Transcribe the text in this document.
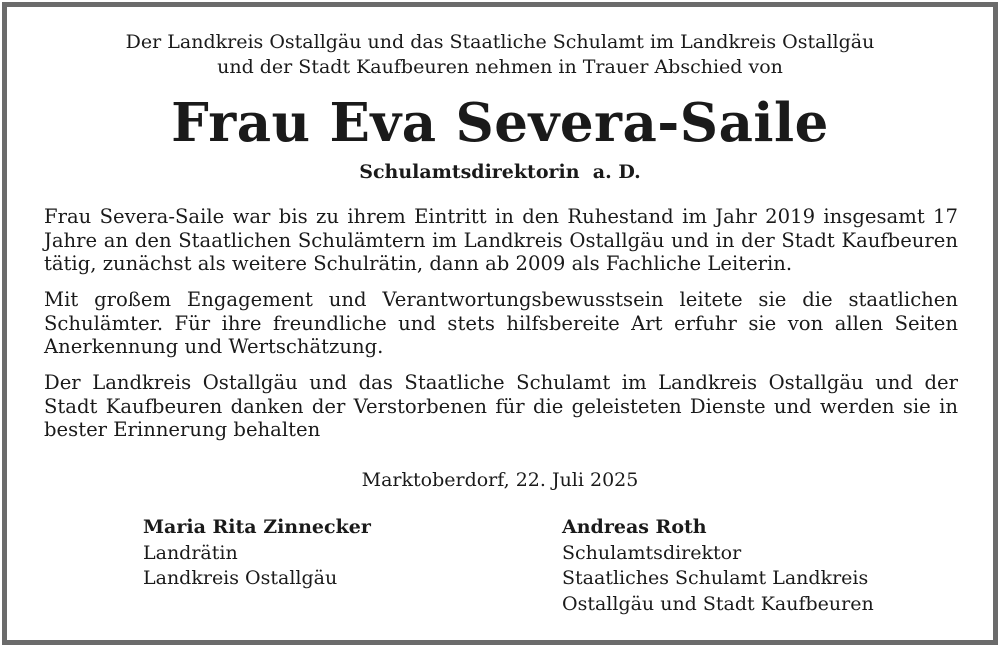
Der Landkreis Ostallgäu und das Staatliche Schulamt im Landkreis Ostallgäu
und der Stadt Kaufbeuren nehmen in Trauer Abschied von
Frau Eva Severa-Saile
Schulamtsdirektorin  a. D.

Frau Severa-Saile war bis zu ihrem Eintritt in den Ruhestand im Jahr 2019 insgesamt 17 Jahre an den Staatlichen Schulämtern im Landkreis Ostallgäu und in der Stadt Kaufbeuren tätig, zunächst als weitere Schulrätin, dann ab 2009 als Fachliche Leiterin.

Mit großem Engagement und Verantwortungsbewusstsein leitete sie die staatlichen Schulämter. Für ihre freundliche und stets hilfsbereite Art erfuhr sie von allen Seiten Anerkennung und Wertschätzung.

Der Landkreis Ostallgäu und das Staatliche Schulamt im Landkreis Ostallgäu und der Stadt Kaufbeuren danken der Verstorbenen für die geleisteten Dienste und werden sie in bester Erinnerung behalten

Marktoberdorf, 22. Juli 2025
Maria Rita Zinnecker
Landrätin
Landkreis Ostallgäu
Andreas Roth
Schulamtsdirektor
Staatliches Schulamt Landkreis
Ostallgäu und Stadt Kaufbeuren
